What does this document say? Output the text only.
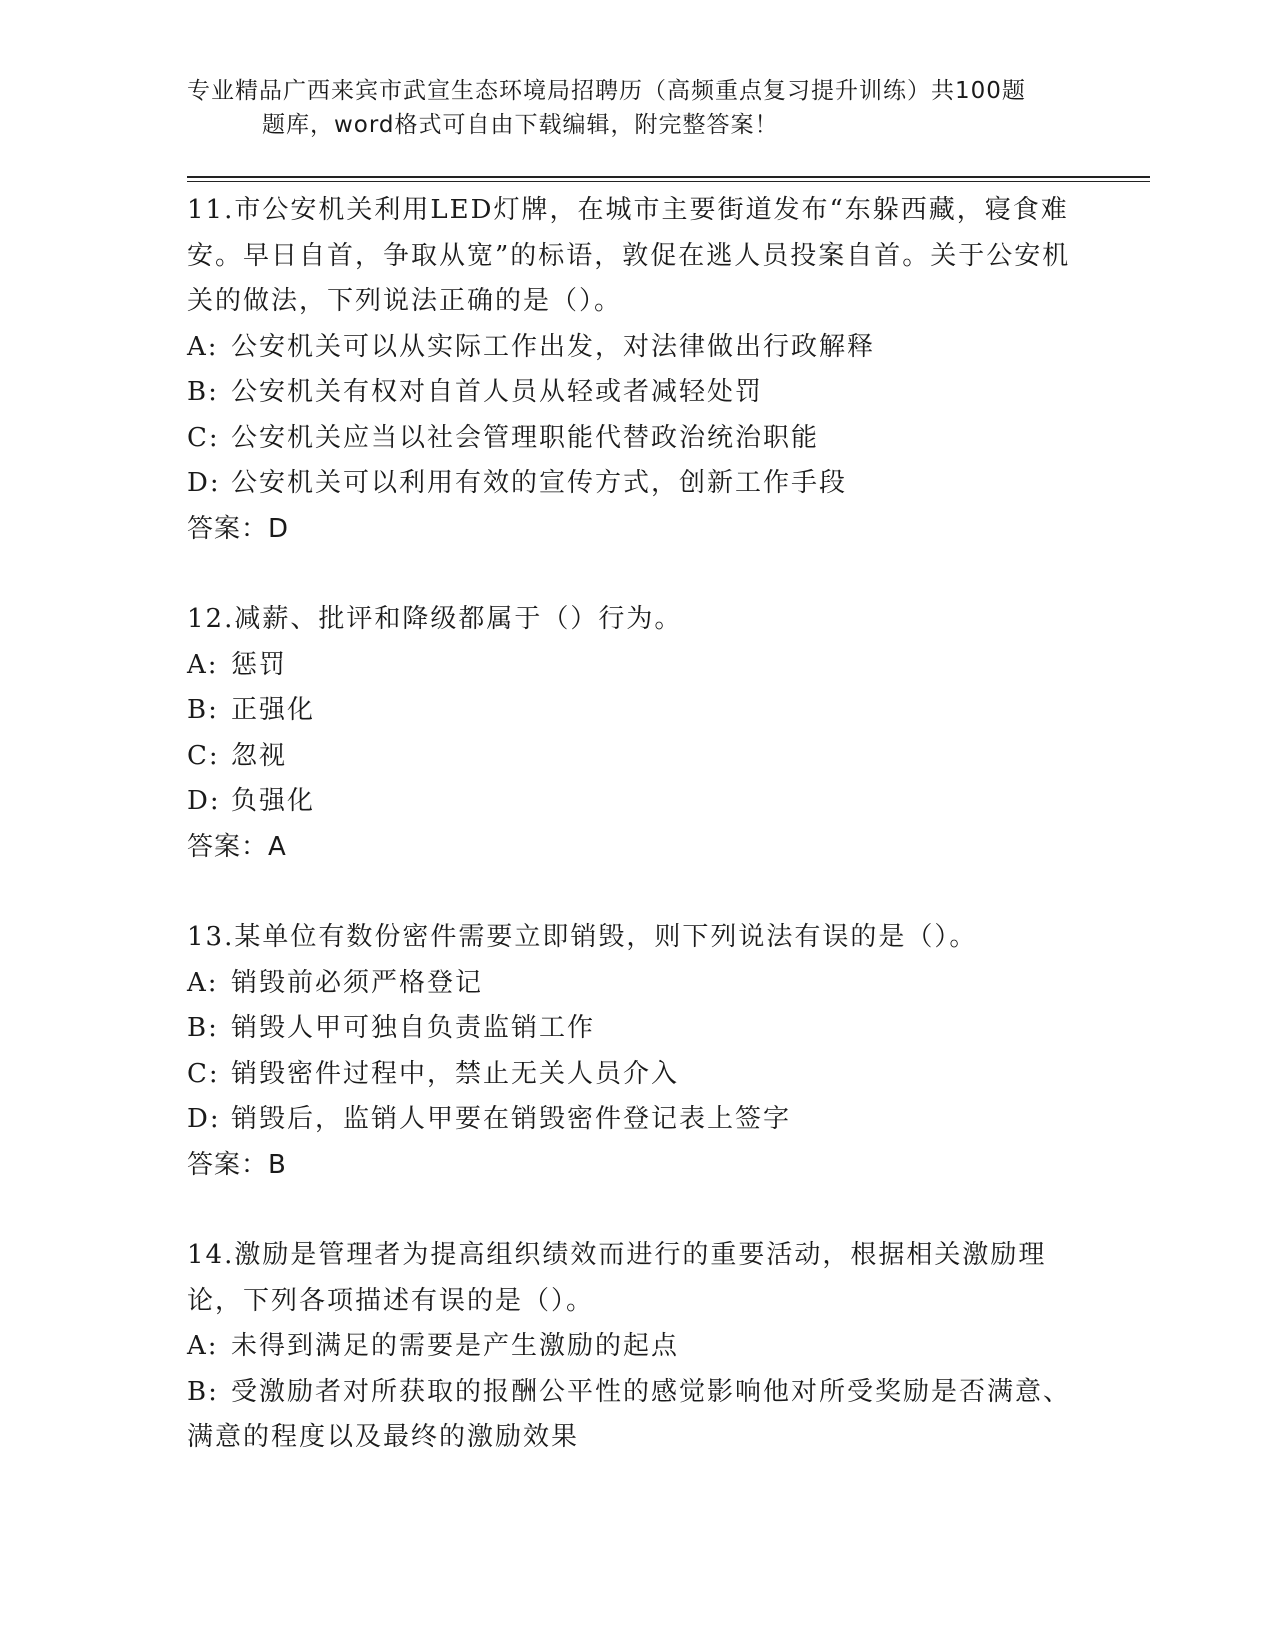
专业精品广西来宾市武宣生态环境局招聘历（高频重点复习提升训练）共100题
题库，word格式可自由下载编辑，附完整答案！

11.市公安机关利用LED灯牌，在城市主要街道发布“东躲西藏，寝食难安。早日自首，争取从宽”的标语，敦促在逃人员投案自首。关于公安机关的做法，下列说法正确的是（）。

A: 公安机关可以从实际工作出发，对法律做出行政解释

B: 公安机关有权对自首人员从轻或者减轻处罚

C: 公安机关应当以社会管理职能代替政治统治职能

D: 公安机关可以利用有效的宣传方式，创新工作手段

答案：D

12.减薪、批评和降级都属于（）行为。

A: 惩罚

B: 正强化

C: 忽视

D: 负强化

答案：A

13.某单位有数份密件需要立即销毁，则下列说法有误的是（）。

A: 销毁前必须严格登记

B: 销毁人甲可独自负责监销工作

C: 销毁密件过程中，禁止无关人员介入

D: 销毁后，监销人甲要在销毁密件登记表上签字

答案：B

14.激励是管理者为提高组织绩效而进行的重要活动，根据相关激励理论，下列各项描述有误的是（）。

A: 未得到满足的需要是产生激励的起点

B: 受激励者对所获取的报酬公平性的感觉影响他对所受奖励是否满意、满意的程度以及最终的激励效果
